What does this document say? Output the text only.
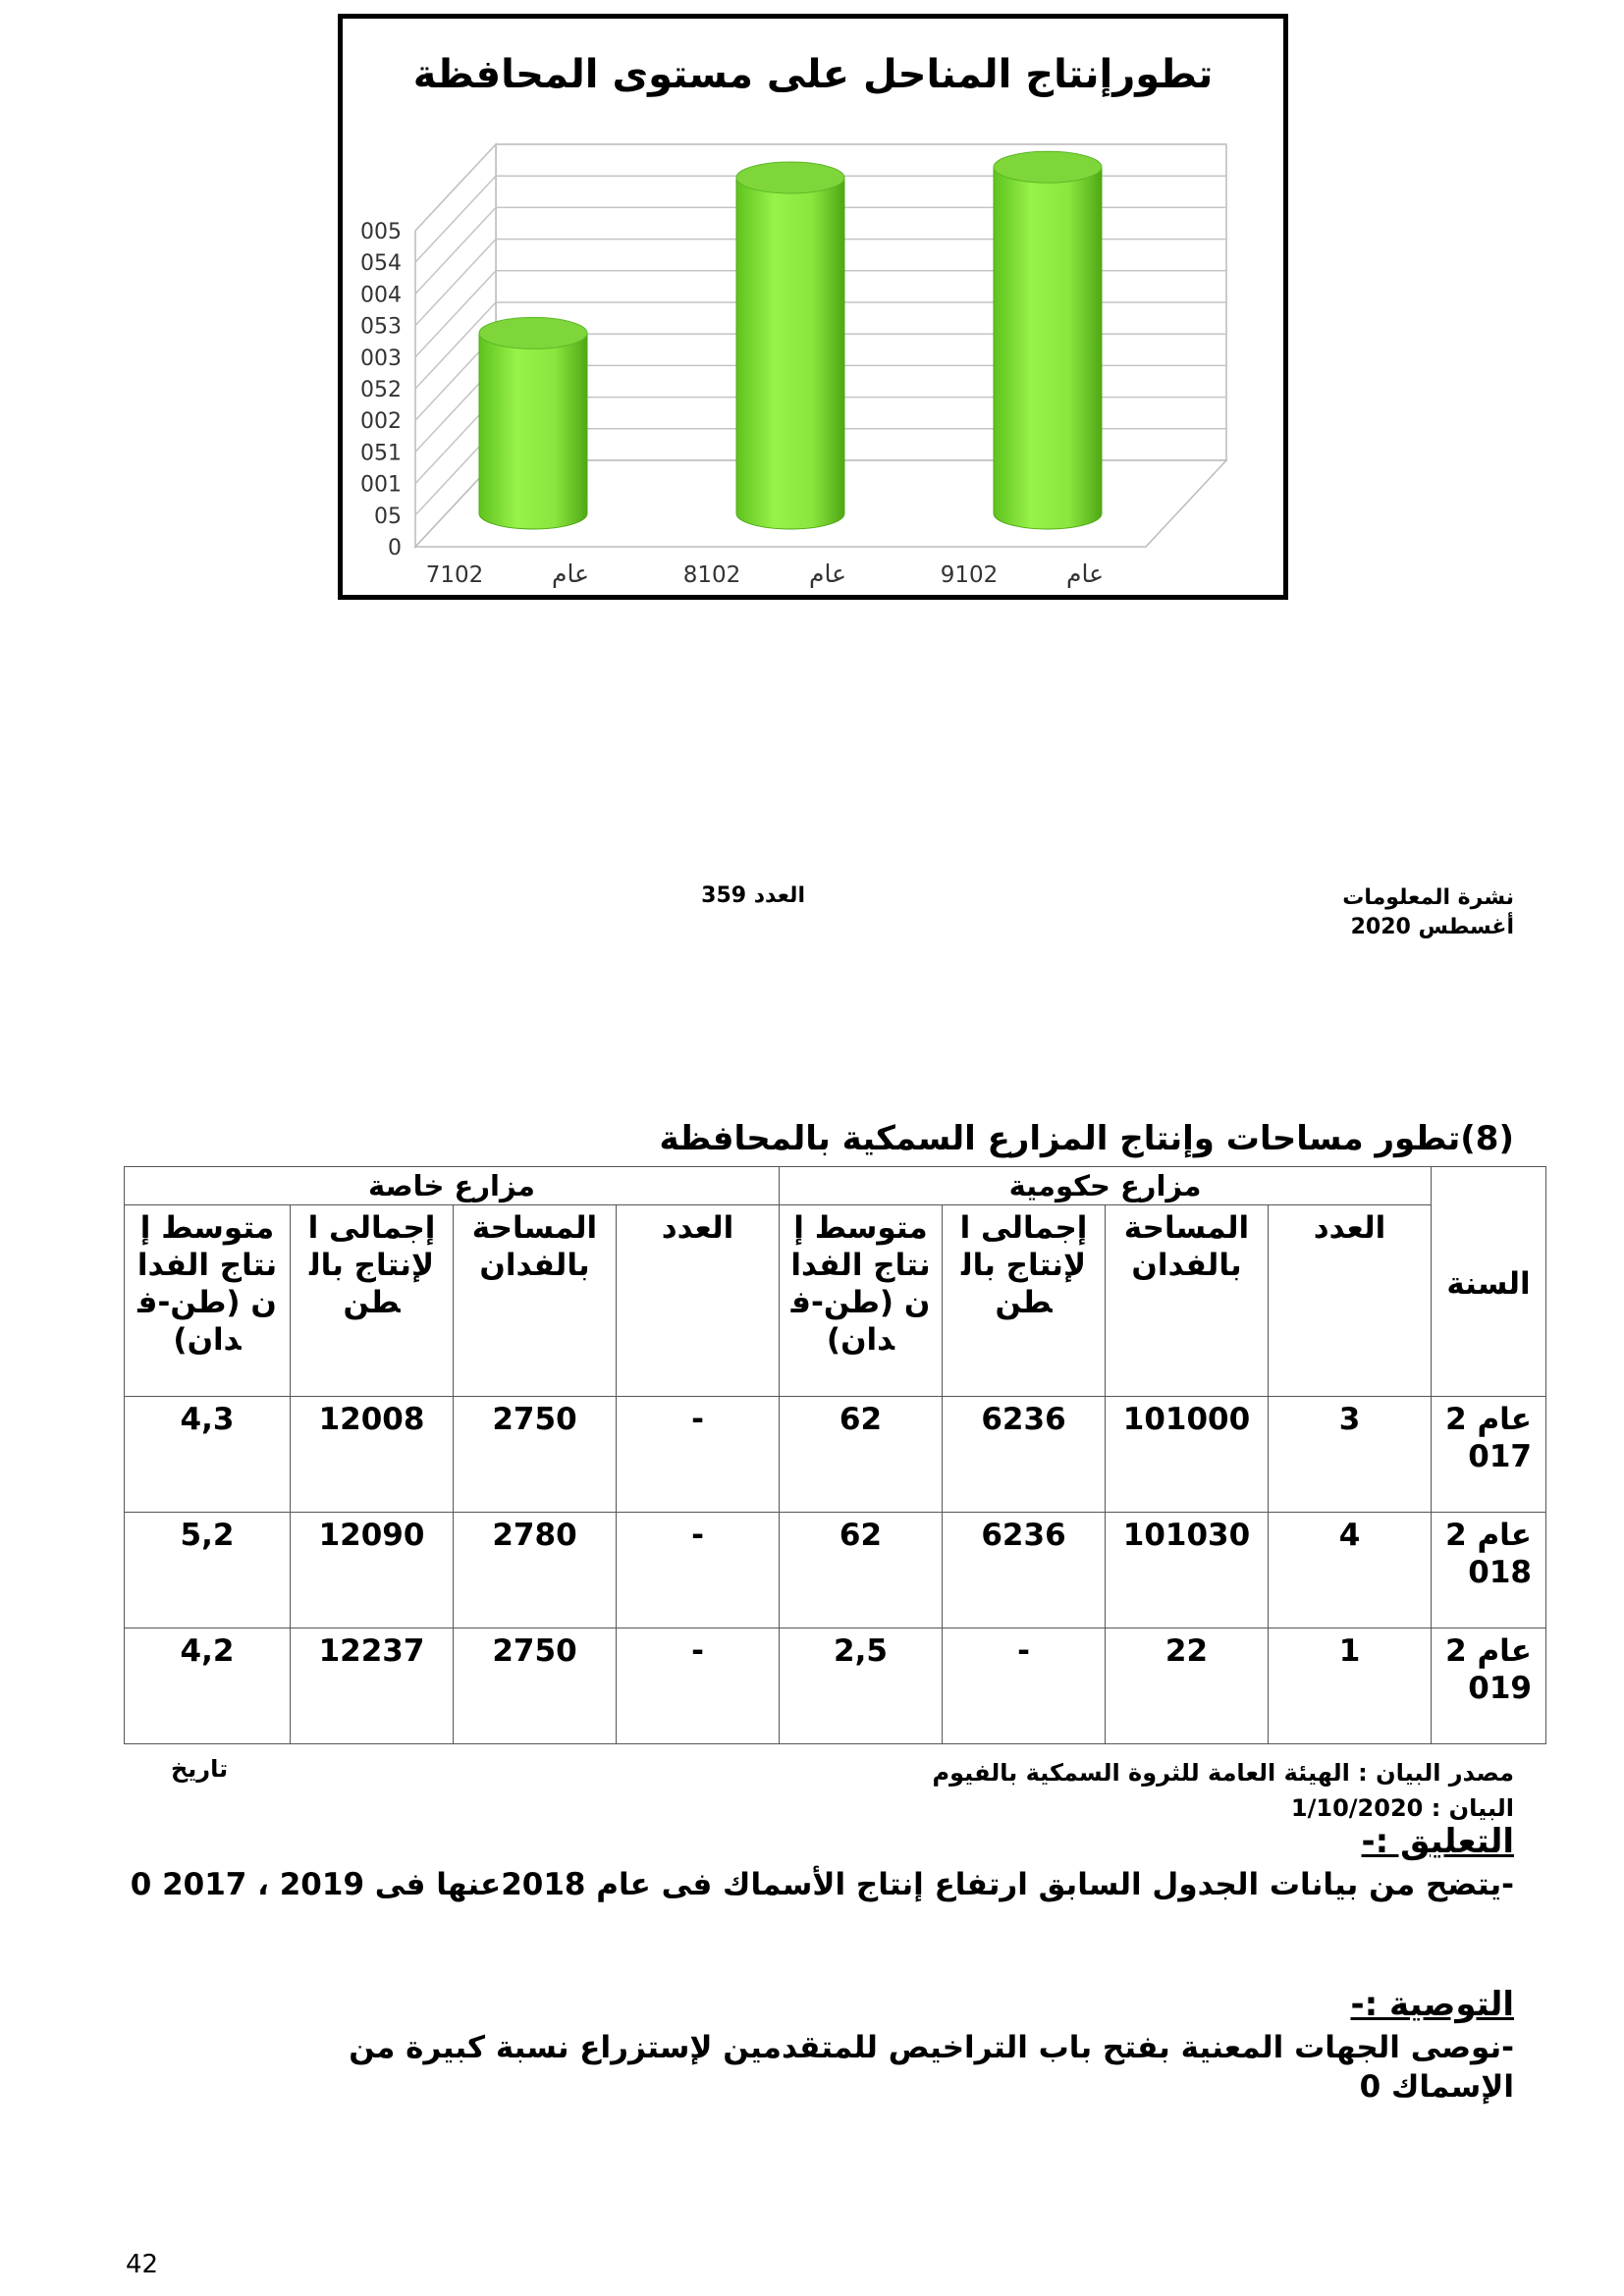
تطورإنتاج المناحل على مستوى المحافظة
0
05
001
051
002
052
003
053
004
054
005
7102	عام	8102	عام	9102	عام
العدد 359	نشرة المعلومات
أغسطس 2020
(8)تطور مساحات وإنتاج المزارع السمكية بالمحافظة
السنة	مزارع حكومية				مزارع خاصة			
	العدد	المساحة بالفدان	إجمالى الإنتاج بالطن	متوسط إنتاج الفدان (طن-فدان)	العدد	المساحة بالفدان	إجمالى الإنتاج بالطن	متوسط إنتاج الفدان (طن-فدان)
عام 2017	3	101000	6236	62	-	2750	12008	4,3
عام 2018	4	101030	6236	62	-	2780	12090	5,2
عام 2019	1	22	-	2,5	-	2750	12237	4,2
مصدر البيان : الهيئة العامة للثروة السمكية بالفيوم
البيان : 1/10/2020
تاريخ
التعليق :-
-يتضح من بيانات الجدول السابق ارتفاع إنتاج الأسماك فى عام 2018عنها فى 2019 ، 2017 0
التوصية :-
-نوصى الجهات المعنية بفتح باب التراخيص للمتقدمين لإستزراع نسبة كبيرة من الإسماك 0
42
